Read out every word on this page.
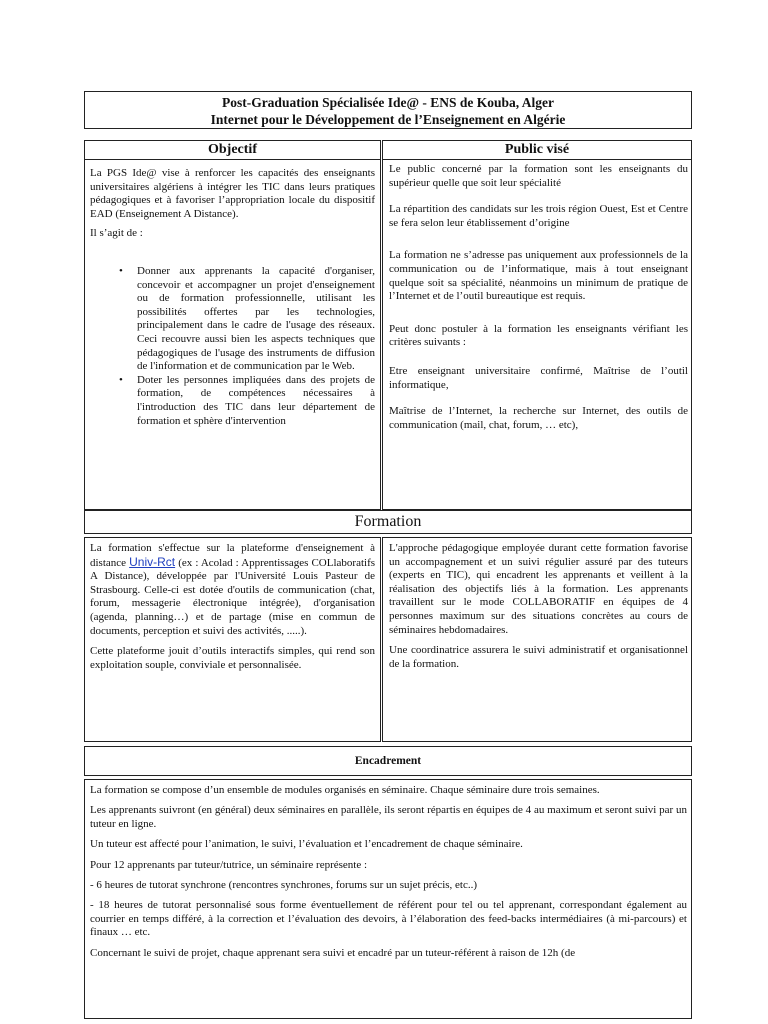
Post-Graduation Spécialisée Ide@ - ENS de Kouba, Alger
Internet pour le Développement de l’Enseignement en Algérie
Objectif

La PGS Ide@ vise à renforcer les capacités des enseignants universitaires algériens à intégrer les TIC dans leurs pratiques pédagogiques et à favoriser l’appropriation locale du dispositif EAD (Enseignement A Distance).

Il s’agit de :

• Donner aux apprenants la capacité d'organiser, concevoir et accompagner un projet d'enseignement ou de formation professionnelle, utilisant les possibilités offertes par les technologies, principalement dans le cadre de l'usage des réseaux. Ceci recouvre aussi bien les aspects techniques que pédagogiques de l'usage des instruments de diffusion de l'information et de communication par le Web.
• Doter les personnes impliquées dans des projets de formation, de compétences nécessaires à l'introduction des TIC dans leur département de formation et sphère d'intervention
Public visé

Le public concerné par la formation sont les enseignants du supérieur quelle que soit leur spécialité

La répartition des candidats sur les trois région Ouest, Est et Centre se fera selon leur établissement d’origine

La formation ne s’adresse pas uniquement aux professionnels de la communication ou de l’informatique, mais à tout enseignant quelque soit sa spécialité, néanmoins un minimum de pratique de l’Internet et de l’outil bureautique est requis.

Peut donc postuler à la formation les enseignants vérifiant les critères suivants :

Etre enseignant universitaire confirmé, Maîtrise de l’outil informatique,

Maîtrise de l’Internet, la recherche sur Internet, des outils de communication (mail, chat, forum, … etc),

Formation

La formation s'effectue sur la plateforme d'enseignement à distance Univ-Rct (ex : Acolad : Apprentissages COLlaboratifs A Distance), développée par l'Université Louis Pasteur de Strasbourg. Celle-ci est dotée d'outils de communication (chat, forum, messagerie électronique intégrée), d'organisation (agenda, planning…) et de partage (mise en commun de documents, perception et suivi des activités, .....).

Cette plateforme jouit d’outils interactifs simples, qui rend son exploitation souple, conviviale et personnalisée.

L'approche pédagogique employée durant cette formation favorise un accompagnement et un suivi régulier assuré par des tuteurs (experts en TIC), qui encadrent les apprenants et veillent à la réalisation des objectifs liés à la formation. Les apprenants travaillent sur le mode COLLABORATIF en équipes de 4 personnes maximum sur des situations concrètes au cours de séminaires hebdomadaires.

Une coordinatrice assurera le suivi administratif et organisationnel de la formation.

Encadrement

La formation se compose d’un ensemble de modules organisés en séminaire. Chaque séminaire dure trois semaines.

Les apprenants suivront (en général) deux séminaires en parallèle, ils seront répartis en équipes de 4 au maximum et seront suivi par un tuteur en ligne.

Un tuteur est affecté pour l’animation, le suivi, l’évaluation et l’encadrement de chaque séminaire.

Pour 12 apprenants par tuteur/tutrice, un séminaire représente :

- 6 heures de tutorat synchrone (rencontres synchrones, forums sur un sujet précis, etc..)

- 18 heures de tutorat personnalisé sous forme éventuellement de référent pour tel ou tel apprenant, correspondant également au courrier en temps différé, à la correction et l’évaluation des devoirs, à l’élaboration des feed-backs intermédiaires (à mi-parcours) et finaux … etc.

Concernant le suivi de projet, chaque apprenant sera suivi et encadré par un tuteur-référent à raison de 12h (de
